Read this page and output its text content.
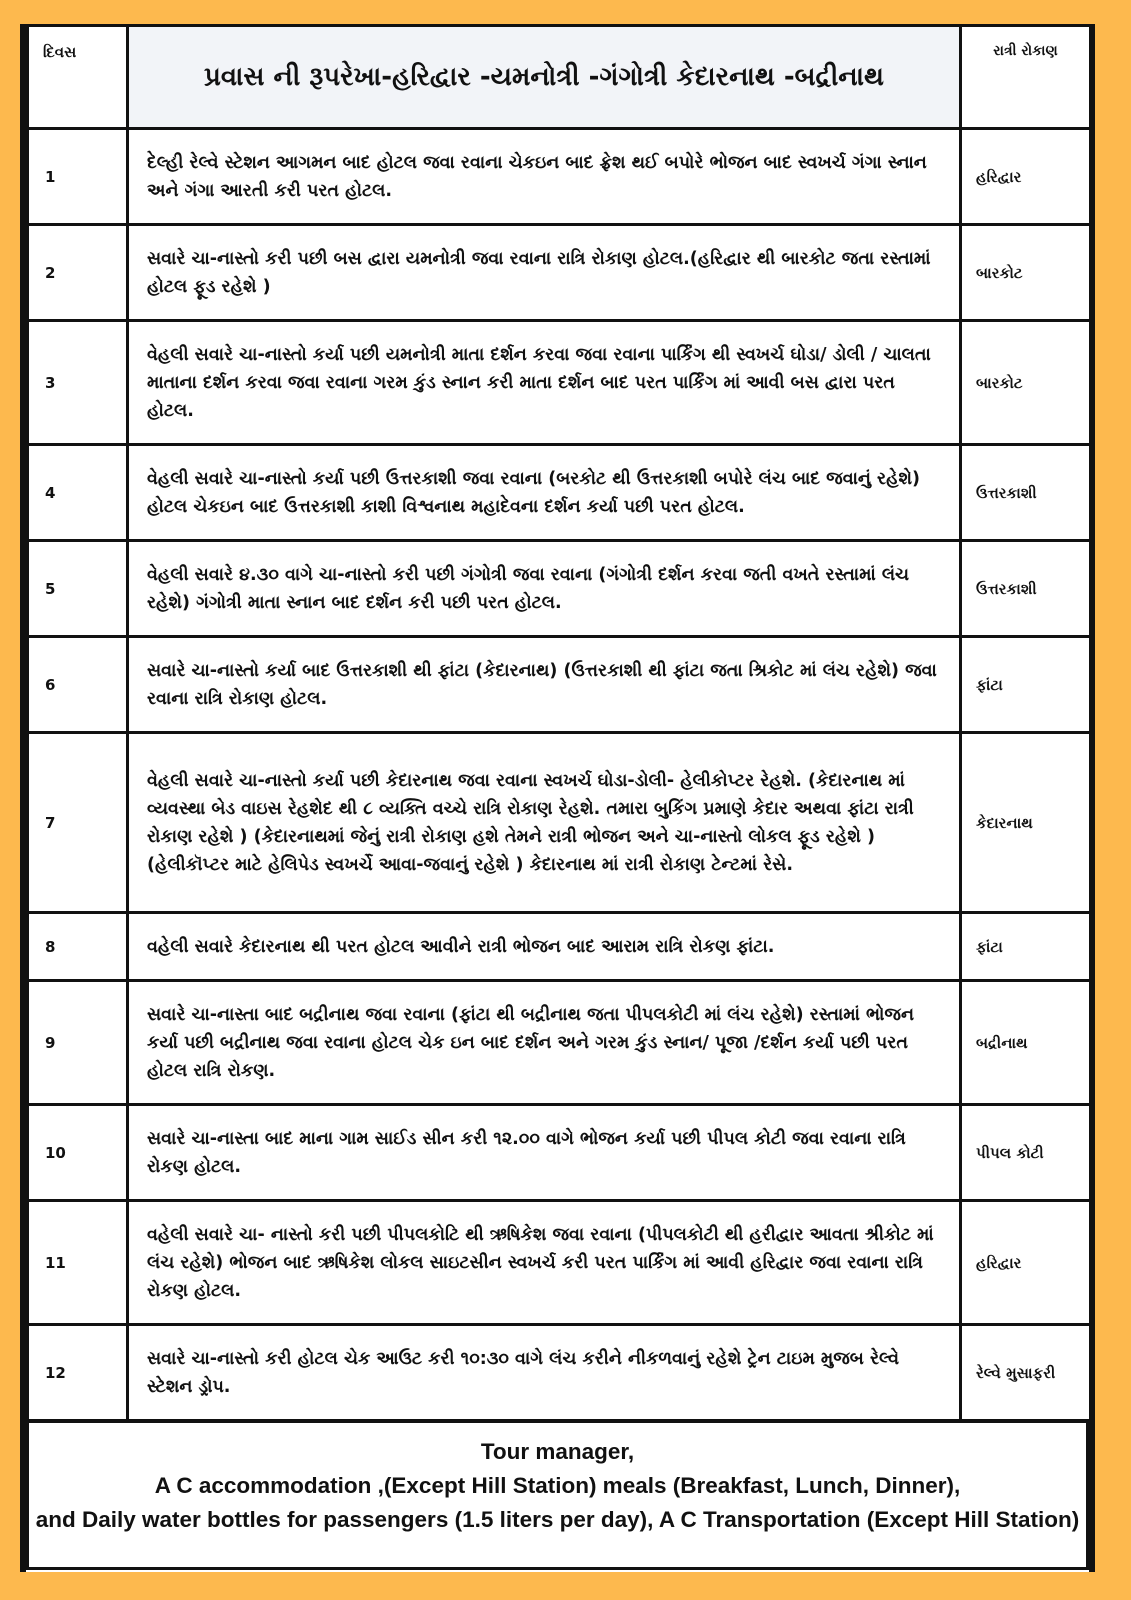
દિવસ	પ્રવાસ ની રૂપરેખા-હરિદ્વાર -યમનોત્રી -ગંગોત્રી કેદારનાથ -બદ્રીનાથ	રાત્રી રોકાણ
1	દેલ્હી રેલ્વે સ્ટેશન આગમન બાદ હોટલ જવા રવાના ચેકઇન બાદ ફ્રેશ થઈ બપોરે ભોજન બાદ સ્વખર્ચ ગંગા સ્નાન અને ગંગા આરતી કરી પરત હોટલ.	હરિદ્વાર
2	સવારે ચા-નાસ્તો કરી પછી બસ દ્વારા યમનોત્રી જવા રવાના રાત્રિ રોકાણ હોટલ.(હરિદ્વાર થી બારકોટ જતા રસ્તામાં હોટલ ફૂડ રહેશે )	બારકોટ
3	વેહલી સવારે ચા-નાસ્તો કર્યા પછી યમનોત્રી માતા દર્શન કરવા જવા રવાના પાર્કિંગ થી સ્વખર્ચ ઘોડા/ ડોલી / ચાલતા માતાના દર્શન કરવા જવા રવાના ગરમ કુંડ સ્નાન કરી માતા દર્શન બાદ પરત પાર્કિંગ માં આવી બસ દ્વારા પરત હોટલ.	બારકોટ
4	વેહલી સવારે ચા-નાસ્તો કર્યા પછી ઉત્તરકાશી જવા રવાના (બરકોટ થી ઉત્તરકાશી બપોરે લંચ બાદ જવાનું રહેશે) હોટલ ચેકઇન બાદ ઉત્તરકાશી કાશી વિશ્વનાથ મહાદેવના દર્શન કર્યા પછી પરત હોટલ.	ઉત્તરકાશી
5	વેહલી સવારે ૪.૩૦ વાગે ચા-નાસ્તો કરી પછી ગંગોત્રી જવા રવાના (ગંગોત્રી દર્શન કરવા જતી વખતે રસ્તામાં લંચ રહેશે) ગંગોત્રી માતા સ્નાન બાદ દર્શન કરી પછી પરત હોટલ.	ઉત્તરકાશી
6	સવારે ચા-નાસ્તો કર્યા બાદ ઉત્તરકાશી થી ફાંટા (કેદારનાથ) (ઉત્તરકાશી થી ફાંટા જતા શ્રિકોટ માં લંચ રહેશે) જવા રવાના રાત્રિ રોકાણ હોટલ.	ફાંટા
7	વેહલી સવારે ચા-નાસ્તો કર્યા પછી કેદારનાથ જવા રવાના સ્વખર્ચ ઘોડા-ડોલી- હેલીકોપ્ટર રેહશે. (કેદારનાથ માં વ્યવસ્થા બેડ વાઇસ રેહશેદ થી ૮ વ્યક્તિ વચ્ચે રાત્રિ રોકાણ રેહશે. તમારા બુકિંગ પ્રમાણે કેદાર અથવા ફાંટા રાત્રી રોકાણ રહેશે ) (કેદારનાથમાં જેનું રાત્રી રોકાણ હશે તેમને રાત્રી ભોજન અને ચા-નાસ્તો લોકલ ફૂડ રહેશે ) (હેલીકૉપ્ટર માટે હેલિપેડ સ્વખર્ચે આવા-જવાનું રહેશે ) કેદારનાથ માં રાત્રી રોકાણ ટેન્ટમાં રેસે.	કેદારનાથ
8	વહેલી સવારે કેદારનાથ થી પરત હોટલ આવીને રાત્રી ભોજન બાદ આરામ રાત્રિ રોકણ ફાંટા.	ફાંટા
9	સવારે ચા-નાસ્તા બાદ બદ્રીનાથ જવા રવાના (ફાંટા થી બદ્રીનાથ જતા પીપલકોટી માં લંચ રહેશે) રસ્તામાં ભોજન કર્યા પછી બદ્રીનાથ જવા રવાના હોટલ ચેક ઇન બાદ દર્શન અને ગરમ કુંડ સ્નાન/ પૂજા /દર્શન કર્યા પછી પરત હોટલ રાત્રિ રોકણ.	બદ્રીનાથ
10	સવારે ચા-નાસ્તા બાદ માના ગામ સાઈડ સીન કરી ૧૨.૦૦ વાગે ભોજન કર્યા પછી પીપલ કોટી જવા રવાના રાત્રિ રોકણ હોટલ.	પીપલ કોટી
11	વહેલી સવારે ચા- નાસ્તો કરી પછી પીપલકોટિ થી ઋષિકેશ જવા રવાના (પીપલકોટી થી હરીદ્વાર આવતા શ્રીકોટ માં લંચ રહેશે) ભોજન બાદ ઋષિકેશ લોકલ સાઇટસીન સ્વખર્ચ કરી પરત પાર્કિંગ માં આવી હરિદ્વાર જવા રવાના રાત્રિ રોકણ હોટલ.	હરિદ્વાર
12	સવારે ચા-નાસ્તો કરી હોટલ ચેક આઉટ કરી ૧૦:૩૦ વાગે લંચ કરીને નીકળવાનું રહેશે ટ્રેન ટાઇમ મુજબ રેલ્વે સ્ટેશન ડ્રોપ.	રેલ્વે મુસાફરી
Tour manager,
A C accommodation ,(Except Hill Station) meals (Breakfast, Lunch, Dinner),
and Daily water bottles for passengers (1.5 liters per day), A C Transportation (Except Hill Station)
